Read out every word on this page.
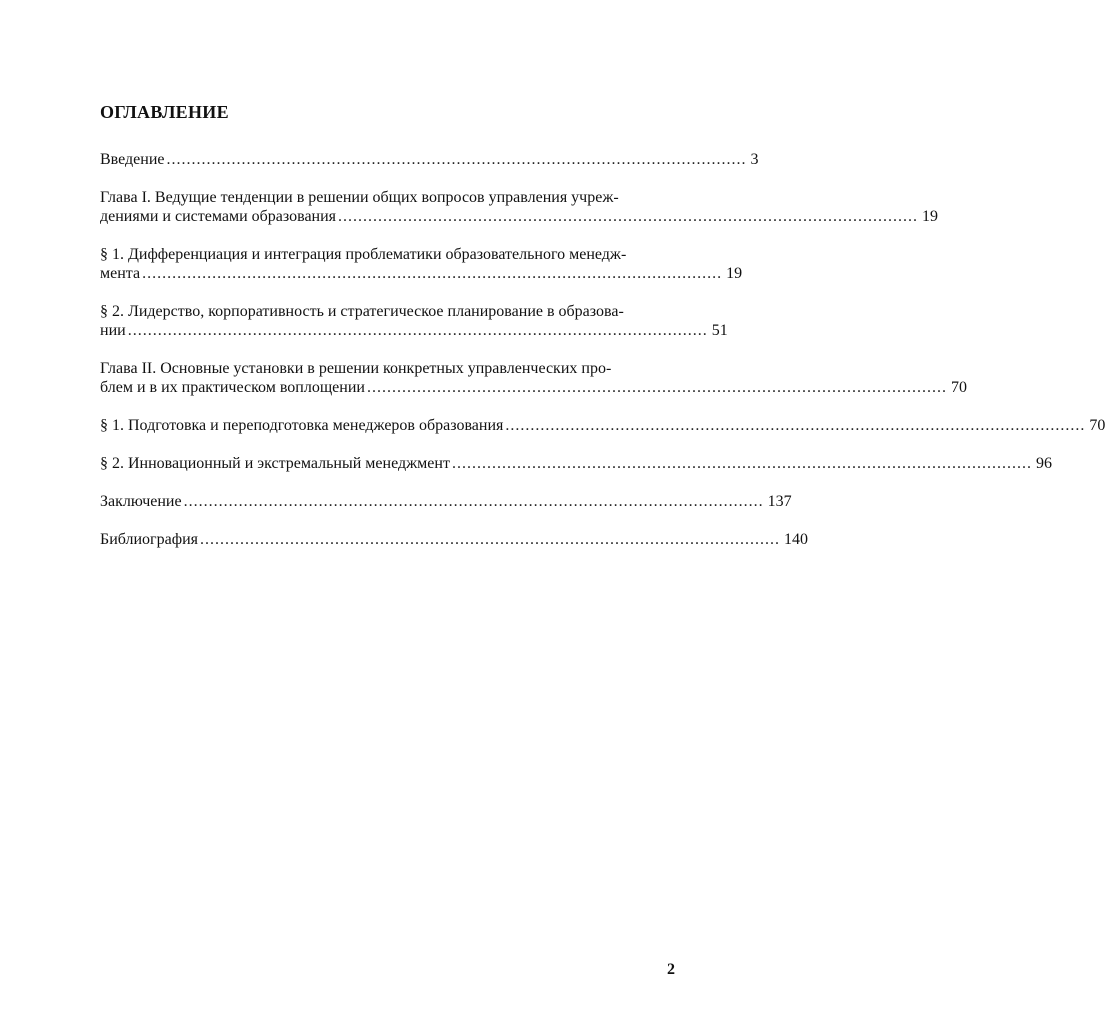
ОГЛАВЛЕНИЕ
Введение .................................................................................................................... 3
Глава I. Ведущие тенденции в решении общих вопросов управления учреж-
дениями и системами образования .................................................................................................................... 19
§ 1. Дифференциация и интеграция проблематики образовательного менедж-
мента .................................................................................................................... 19
§ 2. Лидерство, корпоративность и стратегическое планирование в образова-
нии .................................................................................................................... 51
Глава II. Основные установки в решении конкретных управленческих про-
блем и в их практическом воплощении .................................................................................................................... 70
§ 1. Подготовка и переподготовка менеджеров образования .................................................................................................................... 70
§ 2. Инновационный и экстремальный менеджмент .................................................................................................................... 96
Заключение .................................................................................................................... 137
Библиография .................................................................................................................... 140
2
